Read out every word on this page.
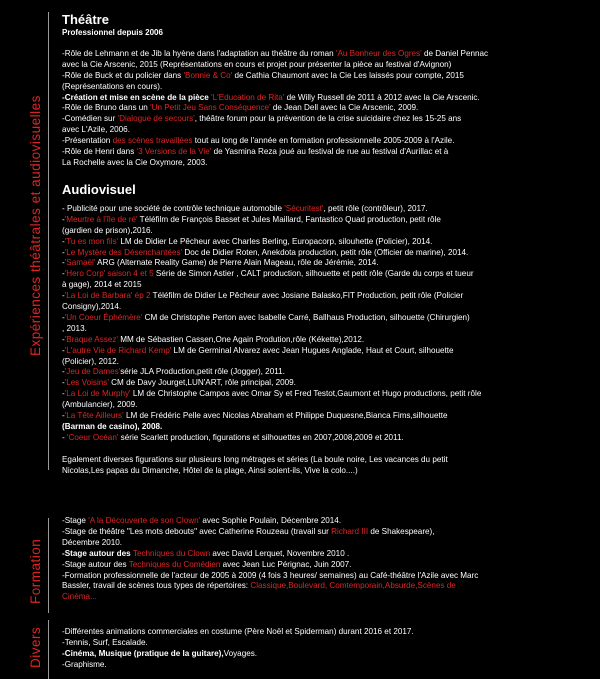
Expériences théâtrales et audiovisuelles
Formation
Divers
Théâtre
Professionnel depuis 2006

-Rôle de Lehmann et de Jib la hyène dans l'adaptation au théâtre du roman 'Au Bonheur des Ogres' de Daniel Pennac

avec la Cie Arscenic, 2015 (Représentations en cours et projet pour présenter la pièce au festival d'Avignon)

-Rôle de Buck et du policier dans 'Bonnie & Co' de Cathia Chaumont avec la Cie Les laissés pour compte, 2015

(Représentations en cours).

-Création et mise en scène de la pièce 'L'Education de Rita' de Willy Russell de 2011 à 2012 avec la Cie Arscenic.

-Rôle de Bruno dans un 'Un Petit Jeu Sans Conséquence' de Jean Dell avec la Cie Arscenic, 2009.

-Comédien sur 'Dialogue de secours', théâtre forum pour la prévention de la crise suicidaire chez les 15-25 ans

avec L'Azile, 2006.

-Présentation des scènes travaillées tout au long de l'année en formation professionnelle 2005-2009 à l'Azile.

-Rôle de Henri dans '3 Versions de la Vie' de Yasmina Reza joué au festival de rue au festival d'Aurillac et à

La Rochelle avec la Cie Oxymore, 2003.

Audiovisuel

- Publicité pour une société de contrôle technique automobile 'Sécuritest', petit rôle (contrôleur), 2017.

-'Meurtre à l'île de ré' Téléfilm de François Basset et Jules Maillard, Fantastico Quad production, petit rôle

(gardien de prison),2016.

-'Tu es mon fils' LM de Didier Le Pêcheur avec Charles Berling, Europacorp, silouhette (Policier), 2014.

-'Le Mystère des Désenchantées' Doc de Didier Roten, Anekdota production, petit rôle (Officier de marine), 2014.

-'Samaël' ARG (Alternate Reality Game) de Pierre Alain Mageau, rôle de Jérémie, 2014.

-'Hero Corp' saison 4 et 5 Série de Simon Astier , CALT production, silhouette et petit rôle (Garde du corps et tueur

à gage), 2014 et 2015

-'La Loi de Barbara' ép 2 Téléfilm de Didier Le Pêcheur avec Josiane Balasko,FIT Production, petit rôle (Policier

Consigny),2014.

-'Un Coeur Éphémère' CM de Christophe Perton avec Isabelle Carré, Ballhaus Production, silhouette (Chirurgien)

, 2013.

-'Braque Assez' MM de Sébastien Cassen,One Again Prodution,rôle (Kékette),2012.

-'L'autre Vie de Richard Kemp' LM de Germinal Alvarez avec Jean Hugues Anglade, Haut et Court, silhouette

(Policier), 2012.

-'Jeu de Dames'série JLA Production,petit rôle (Jogger), 2011.

-'Les Voisins' CM de Davy Jourget,LUN'ART, rôle principal, 2009.

-'La Loi de Murphy' LM de Christophe Campos avec Omar Sy et Fred Testot,Gaumont et Hugo productions, petit rôle

(Ambulancier), 2009.

-'La Tête Ailleurs' LM de Frédéric Pelle avec Nicolas Abraham et Philippe Duquesne,Bianca Fims,silhouette

(Barman de casino), 2008.

- 'Coeur Océan' série Scarlett production, figurations et silhouettes en 2007,2008,2009 et 2011.

Egalement diverses figurations sur plusieurs long métrages et séries (La boule noire, Les vacances du petit

Nicolas,Les papas du Dimanche, Hôtel de la plage, Ainsi soient-ils, Vive la colo....)

-Stage 'A la Découverte de son Clown' avec Sophie Poulain, Décembre 2014.

-Stage de théâtre "Les mots debouts" avec Catherine Rouzeau (travail sur Richard III de Shakespeare),

Décembre 2010.

-Stage autour des Techniques du Clown avec David Lerquet, Novembre 2010 .

-Stage autour des Techniques du Comédien avec Jean Luc Pérignac, Juin 2007.

-Formation professionnelle de l'acteur de 2005 à 2009 (4 fois 3 heures/ semaines) au Café-théâtre l'Azile avec Marc

Bassler, travail de scènes tous types de répertoires: Classique,Boulevard, Comtemporain,Absurde,Scènes de

Cinéma...

-Différentes animations commerciales en costume (Père Noël et Spiderman) durant 2016 et 2017.

-Tennis, Surf, Escalade.

-Cinéma, Musique (pratique de la guitare),Voyages.

-Graphisme.
